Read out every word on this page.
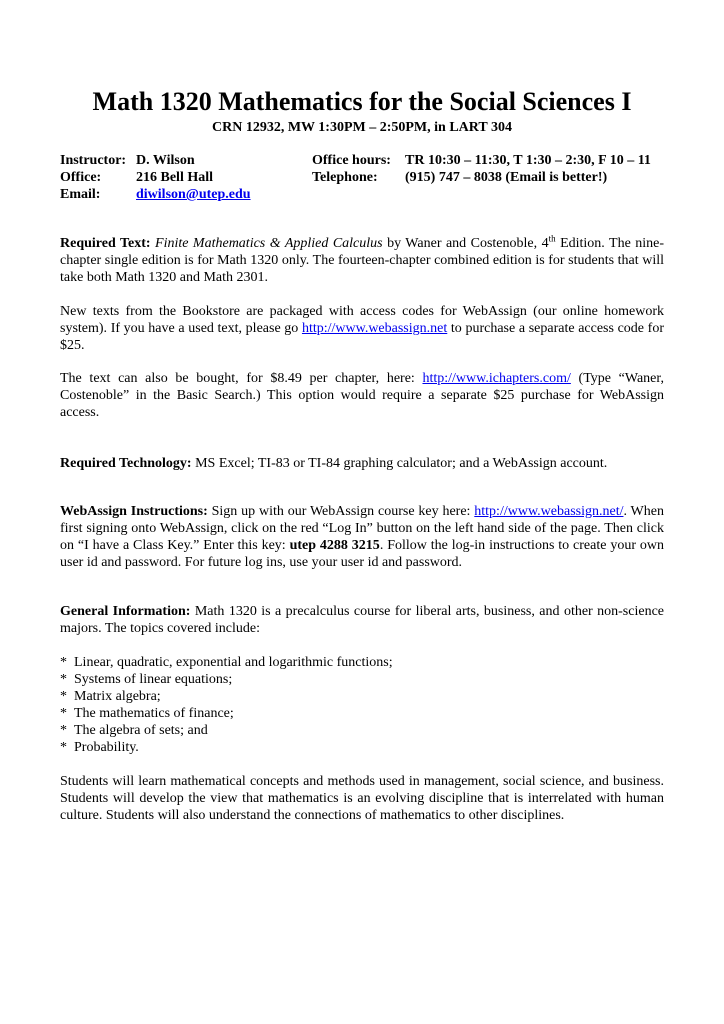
Math 1320 Mathematics for the Social Sciences I
CRN 12932, MW 1:30PM – 2:50PM, in LART 304
Instructor: D. Wilson	Office hours: TR 10:30 – 11:30, T 1:30 – 2:30, F 10 – 11
Office: 216 Bell Hall	Telephone: (915) 747 – 8038 (Email is better!)
Email:	diwilson@utep.edu

Required Text: Finite Mathematics & Applied Calculus by Waner and Costenoble, 4th Edition. The nine-chapter single edition is for Math 1320 only. The fourteen-chapter combined edition is for students that will take both Math 1320 and Math 2301.

New texts from the Bookstore are packaged with access codes for WebAssign (our online homework system). If you have a used text, please go http://www.webassign.net to purchase a separate access code for $25.

The text can also be bought, for $8.49 per chapter, here: http://www.ichapters.com/ (Type “Waner, Costenoble” in the Basic Search.) This option would require a separate $25 purchase for WebAssign access.

Required Technology: MS Excel; TI-83 or TI-84 graphing calculator; and a WebAssign account.

WebAssign Instructions: Sign up with our WebAssign course key here: http://www.webassign.net/. When first signing onto WebAssign, click on the red “Log In” button on the left hand side of the page. Then click on “I have a Class Key.” Enter this key: utep 4288 3215. Follow the log-in instructions to create your own user id and password. For future log ins, use your user id and password.

General Information: Math 1320 is a precalculus course for liberal arts, business, and other non-science majors. The topics covered include:

* Linear, quadratic, exponential and logarithmic functions;
* Systems of linear equations;
* Matrix algebra;
* The mathematics of finance;
* The algebra of sets; and
* Probability.

Students will learn mathematical concepts and methods used in management, social science, and business. Students will develop the view that mathematics is an evolving discipline that is interrelated with human culture. Students will also understand the connections of mathematics to other disciplines.
